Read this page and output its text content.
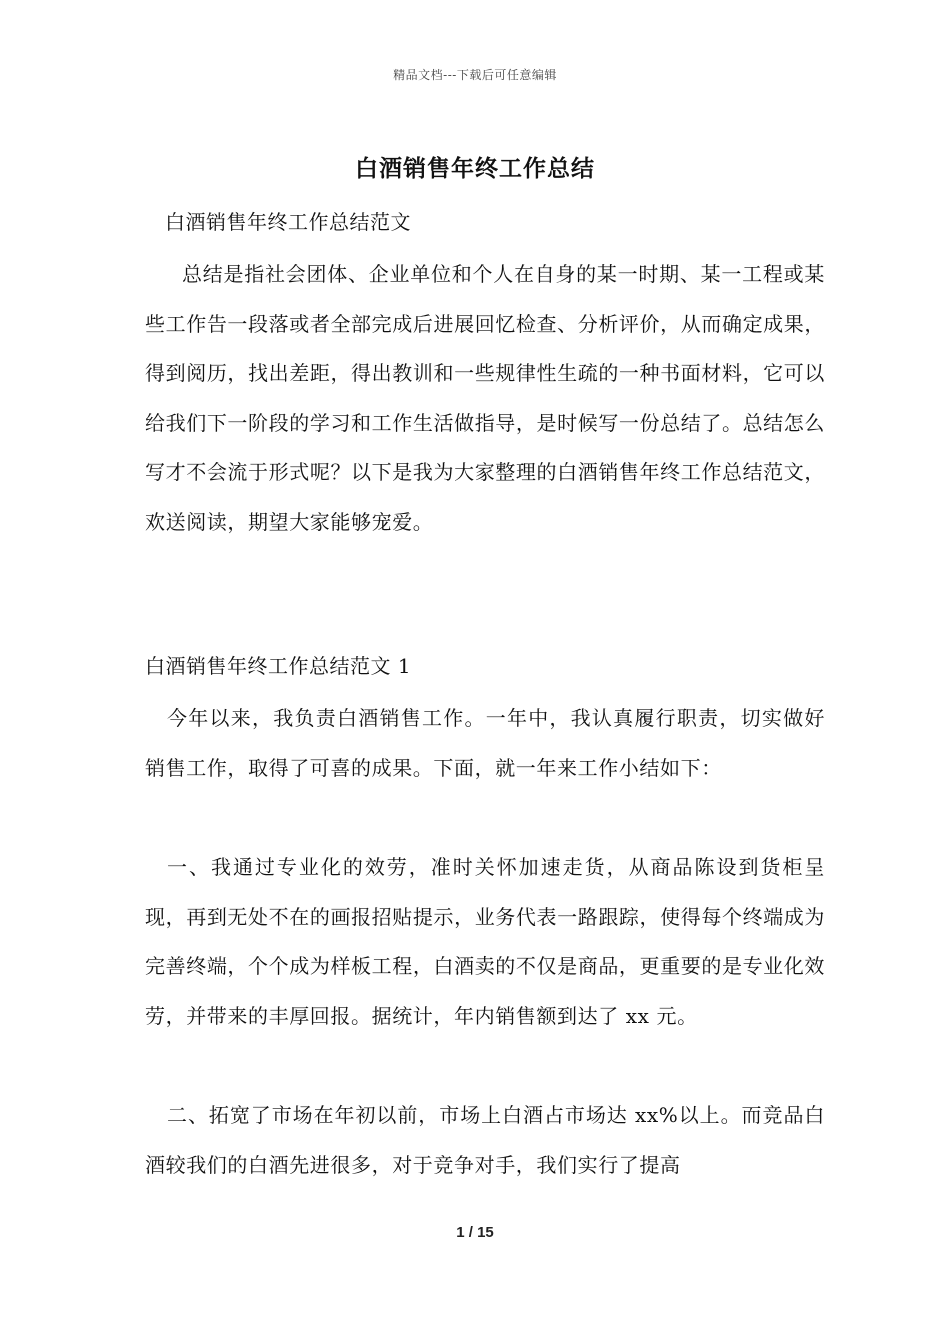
精品文档---下载后可任意编辑
白酒销售年终工作总结
白酒销售年终工作总结范文
总结是指社会团体、企业单位和个人在自身的某一时期、某一工程或某些工作告一段落或者全部完成后进展回忆检查、分析评价，从而确定成果，得到阅历，找出差距，得出教训和一些规律性生疏的一种书面材料，它可以给我们下一阶段的学习和工作生活做指导，是时候写一份总结了。总结怎么写才不会流于形式呢？以下是我为大家整理的白酒销售年终工作总结范文，欢送阅读，期望大家能够宠爱。
白酒销售年终工作总结范文 1
今年以来，我负责白酒销售工作。一年中，我认真履行职责，切实做好销售工作，取得了可喜的成果。下面，就一年来工作小结如下：
一、我通过专业化的效劳，准时关怀加速走货，从商品陈设到货柜呈现，再到无处不在的画报招贴提示，业务代表一路跟踪，使得每个终端成为完善终端，个个成为样板工程，白酒卖的不仅是商品，更重要的是专业化效劳，并带来的丰厚回报。据统计，年内销售额到达了 xx 元。
二、拓宽了市场在年初以前，市场上白酒占市场达 xx%以上。而竞品白酒较我们的白酒先进很多，对于竞争对手，我们实行了提高
1 / 15
